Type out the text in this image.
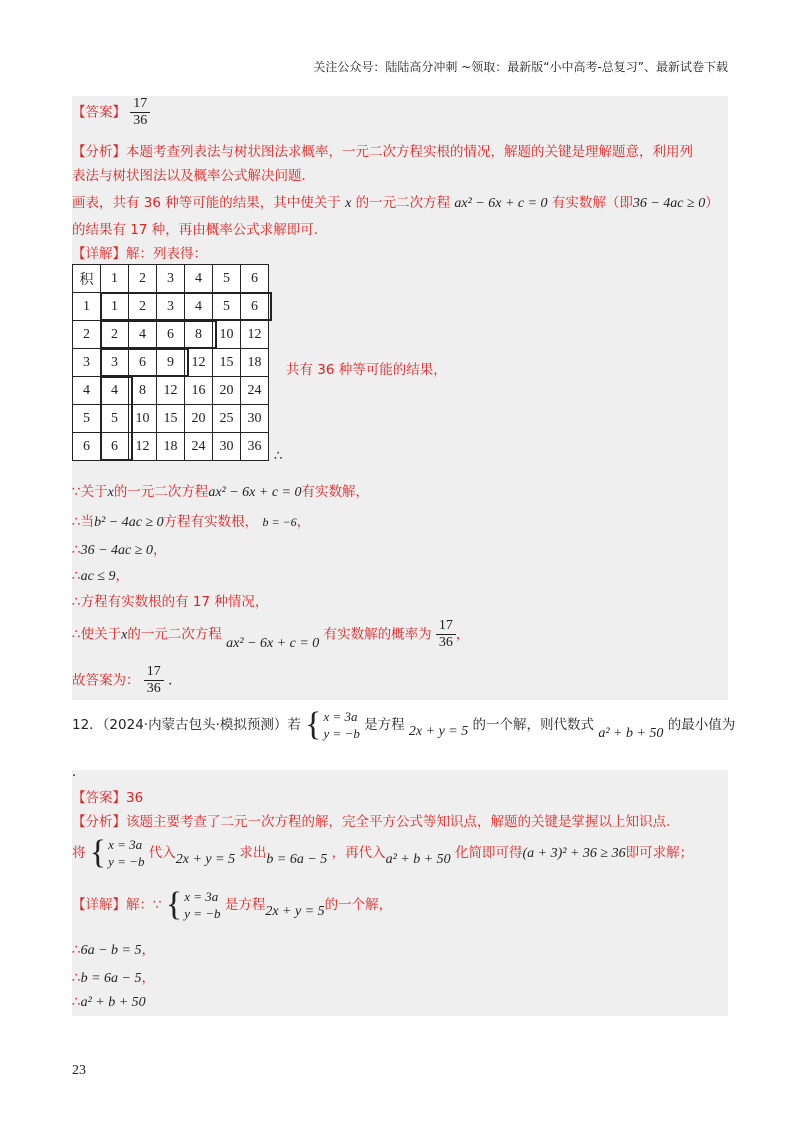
关注公众号：陆陆高分冲刺 ~领取：最新版“小中高考-总复习”、最新试卷下载
【答案】 $\frac{17}{36}$
【分析】本题考查列表法与树状图法求概率，一元二次方程实根的情况，解题的关键是理解题意，利用列
表法与树状图法以及概率公式解决问题．
画表，共有 36 种等可能的结果，其中使关于 x 的一元二次方程 ax² − 6x + c = 0 有实数解（即36 − 4ac ≥ 0）
的结果有 17 种，再由概率公式求解即可．
【详解】解：列表得：
积	1	2	3	4	5	6
1	1	2	3	4	5	6
2	2	4	6	8	10	12
3	3	6	9	12	15	18
4	4	8	12	16	20	24
5	5	10	15	20	25	30
6	6	12	18	24	30	36
共有 36 种等可能的结果，
∴
∵关于x的一元二次方程ax² − 6x + c = 0有实数解，
∴当b² − 4ac ≥ 0方程有实数根， b = −6，
∴36 − 4ac ≥ 0，
∴ac ≤ 9，
∴方程有实数根的有 17 种情况，
∴使关于x的一元二次方程 ax² − 6x + c = 0 有实数解的概率为 $\frac{17}{36}$ ，
故答案为： $\frac{17}{36}$ ．
12．（2024·内蒙古包头·模拟预测）若 { x = 3a
y = −b
是方程 2x + y = 5 的一个解，则代数式 a² + b + 50 的最小值为
．
【答案】36
【分析】该题主要考查了二元一次方程的解，完全平方公式等知识点，解题的关键是掌握以上知识点．
将 { x = 3a
y = −b
代入2x + y = 5 求出b = 6a − 5 ，再代入a² + b + 50 化简即可得(a + 3)² + 36 ≥ 36即可求解；
【详解】解：∵ { x = 3a
y = −b
是方程2x + y = 5的一个解，
∴6a − b = 5，
∴b = 6a − 5，
∴a² + b + 50
23
